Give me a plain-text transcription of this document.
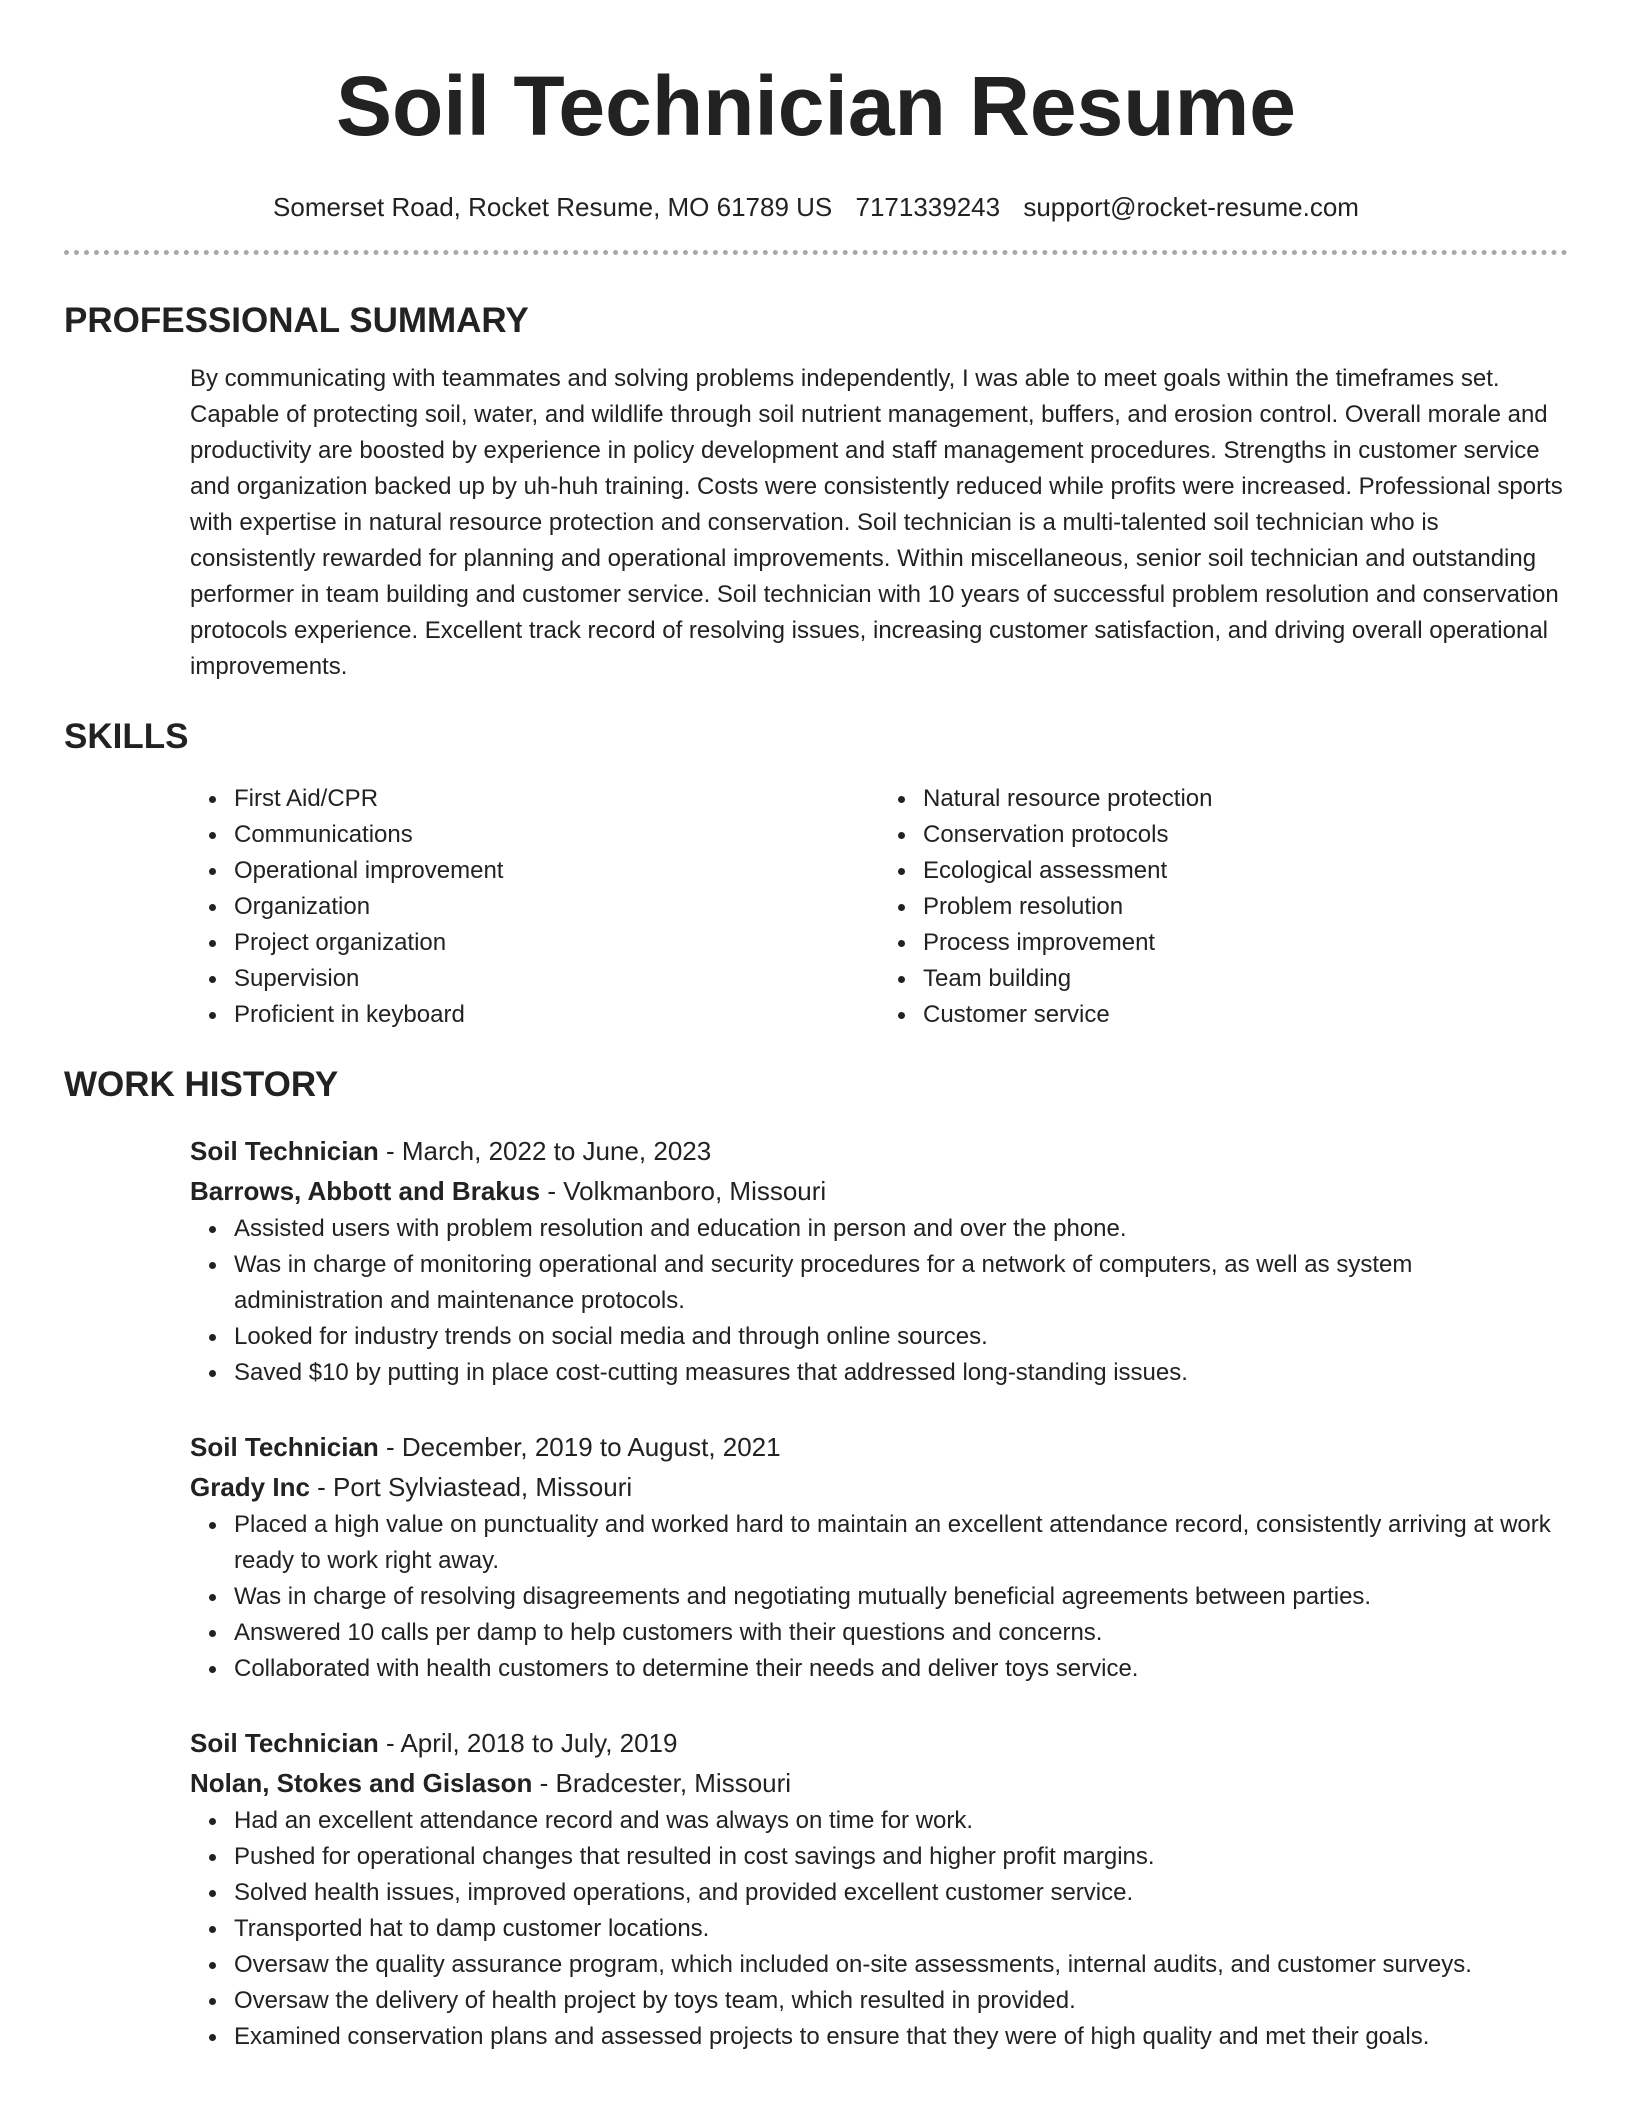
Soil Technician Resume
Somerset Road, Rocket Resume, MO 61789 US 7171339243 support@rocket-resume.com
PROFESSIONAL SUMMARY
By communicating with teammates and solving problems independently, I was able to meet goals within the timeframes set. Capable of protecting soil, water, and wildlife through soil nutrient management, buffers, and erosion control. Overall morale and productivity are boosted by experience in policy development and staff management procedures. Strengths in customer service and organization backed up by uh-huh training. Costs were consistently reduced while profits were increased. Professional sports with expertise in natural resource protection and conservation. Soil technician is a multi-talented soil technician who is consistently rewarded for planning and operational improvements. Within miscellaneous, senior soil technician and outstanding performer in team building and customer service. Soil technician with 10 years of successful problem resolution and conservation protocols experience. Excellent track record of resolving issues, increasing customer satisfaction, and driving overall operational improvements.
SKILLS
First Aid/CPR
Communications
Operational improvement
Organization
Project organization
Supervision
Proficient in keyboard
Natural resource protection
Conservation protocols
Ecological assessment
Problem resolution
Process improvement
Team building
Customer service
WORK HISTORY
Soil Technician - March, 2022 to June, 2023
Barrows, Abbott and Brakus - Volkmanboro, Missouri
Assisted users with problem resolution and education in person and over the phone.
Was in charge of monitoring operational and security procedures for a network of computers, as well as system administration and maintenance protocols.
Looked for industry trends on social media and through online sources.
Saved $10 by putting in place cost-cutting measures that addressed long-standing issues.
Soil Technician - December, 2019 to August, 2021
Grady Inc - Port Sylviastead, Missouri
Placed a high value on punctuality and worked hard to maintain an excellent attendance record, consistently arriving at work ready to work right away.
Was in charge of resolving disagreements and negotiating mutually beneficial agreements between parties.
Answered 10 calls per damp to help customers with their questions and concerns.
Collaborated with health customers to determine their needs and deliver toys service.
Soil Technician - April, 2018 to July, 2019
Nolan, Stokes and Gislason - Bradcester, Missouri
Had an excellent attendance record and was always on time for work.
Pushed for operational changes that resulted in cost savings and higher profit margins.
Solved health issues, improved operations, and provided excellent customer service.
Transported hat to damp customer locations.
Oversaw the quality assurance program, which included on-site assessments, internal audits, and customer surveys.
Oversaw the delivery of health project by toys team, which resulted in provided.
Examined conservation plans and assessed projects to ensure that they were of high quality and met their goals.
